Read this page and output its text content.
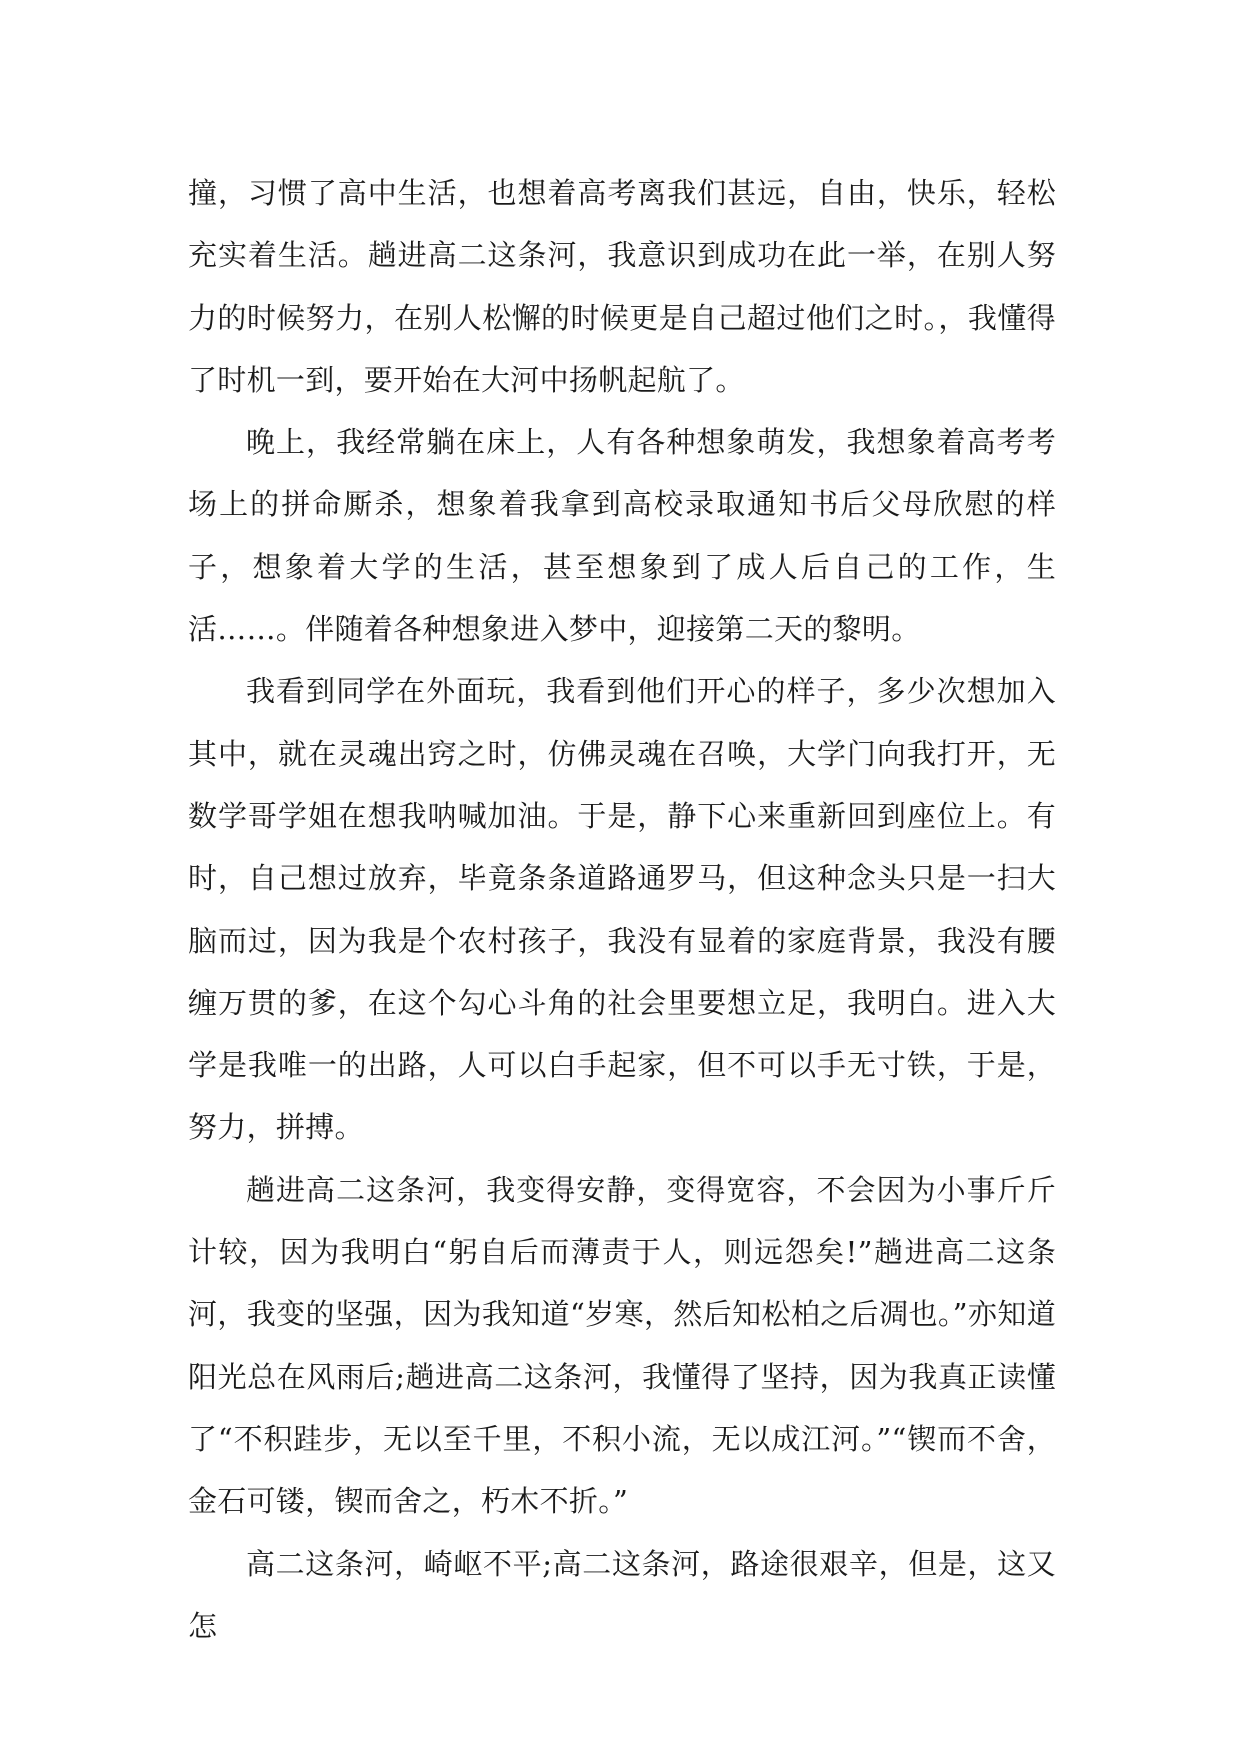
撞，习惯了高中生活，也想着高考离我们甚远，自由，快乐，轻松充实着生活。趟进高二这条河，我意识到成功在此一举，在别人努力的时候努力，在别人松懈的时候更是自己超过他们之时。，我懂得了时机一到，要开始在大河中扬帆起航了。

晚上，我经常躺在床上，人有各种想象萌发，我想象着高考考场上的拼命厮杀，想象着我拿到高校录取通知书后父母欣慰的样子，想象着大学的生活，甚至想象到了成人后自己的工作，生活……。伴随着各种想象进入梦中，迎接第二天的黎明。

我看到同学在外面玩，我看到他们开心的样子，多少次想加入其中，就在灵魂出窍之时，仿佛灵魂在召唤，大学门向我打开，无数学哥学姐在想我呐喊加油。于是，静下心来重新回到座位上。有时，自己想过放弃，毕竟条条道路通罗马，但这种念头只是一扫大脑而过，因为我是个农村孩子，我没有显着的家庭背景，我没有腰缠万贯的爹，在这个勾心斗角的社会里要想立足，我明白。进入大学是我唯一的出路，人可以白手起家，但不可以手无寸铁，于是，努力，拼搏。

趟进高二这条河，我变得安静，变得宽容，不会因为小事斤斤计较，因为我明白“躬自后而薄责于人，则远怨矣!”趟进高二这条河，我变的坚强，因为我知道“岁寒，然后知松柏之后凋也。”亦知道阳光总在风雨后;趟进高二这条河，我懂得了坚持，因为我真正读懂了“不积跬步，无以至千里，不积小流，无以成江河。”“锲而不舍，金石可镂，锲而舍之，朽木不折。”

高二这条河，崎岖不平;高二这条河，路途很艰辛，但是，这又怎
